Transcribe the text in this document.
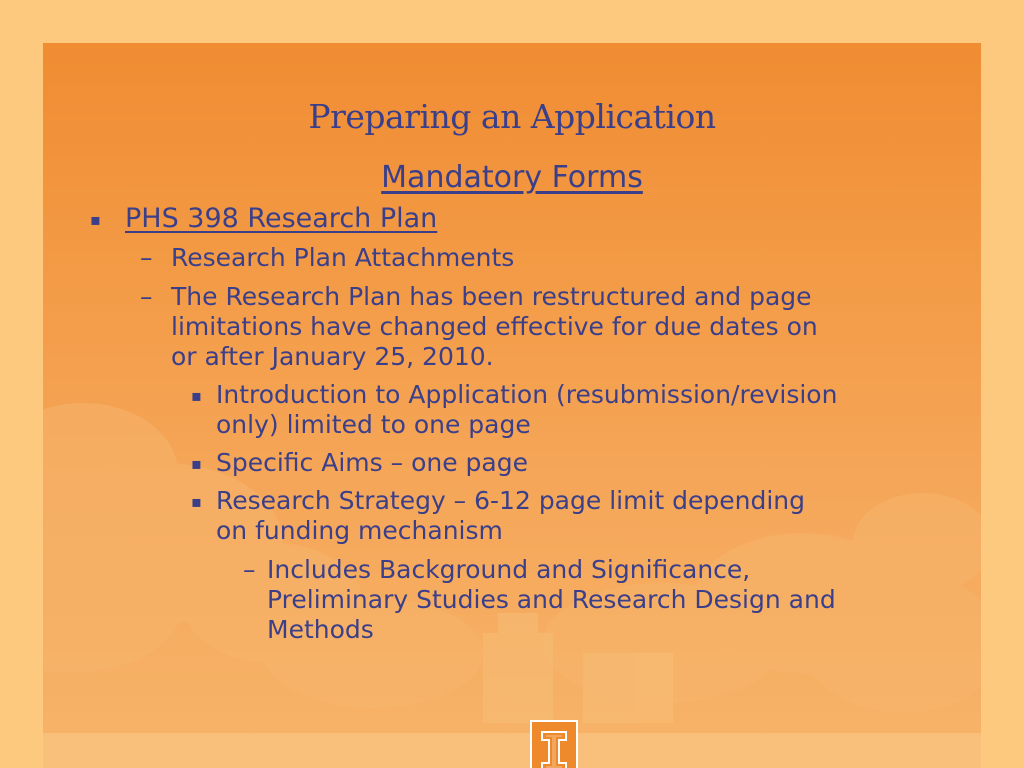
Preparing an Application
Mandatory Forms
▪ PHS 398 Research Plan
– Research Plan Attachments
– The Research Plan has been restructured and page
limitations have changed effective for due dates on
or after January 25, 2010.
▪ Introduction to Application (resubmission/revision
only) limited to one page
▪ Specific Aims – one page
▪ Research Strategy – 6-12 page limit depending
on funding mechanism
– Includes Background and Significance,
Preliminary Studies and Research Design and
Methods
